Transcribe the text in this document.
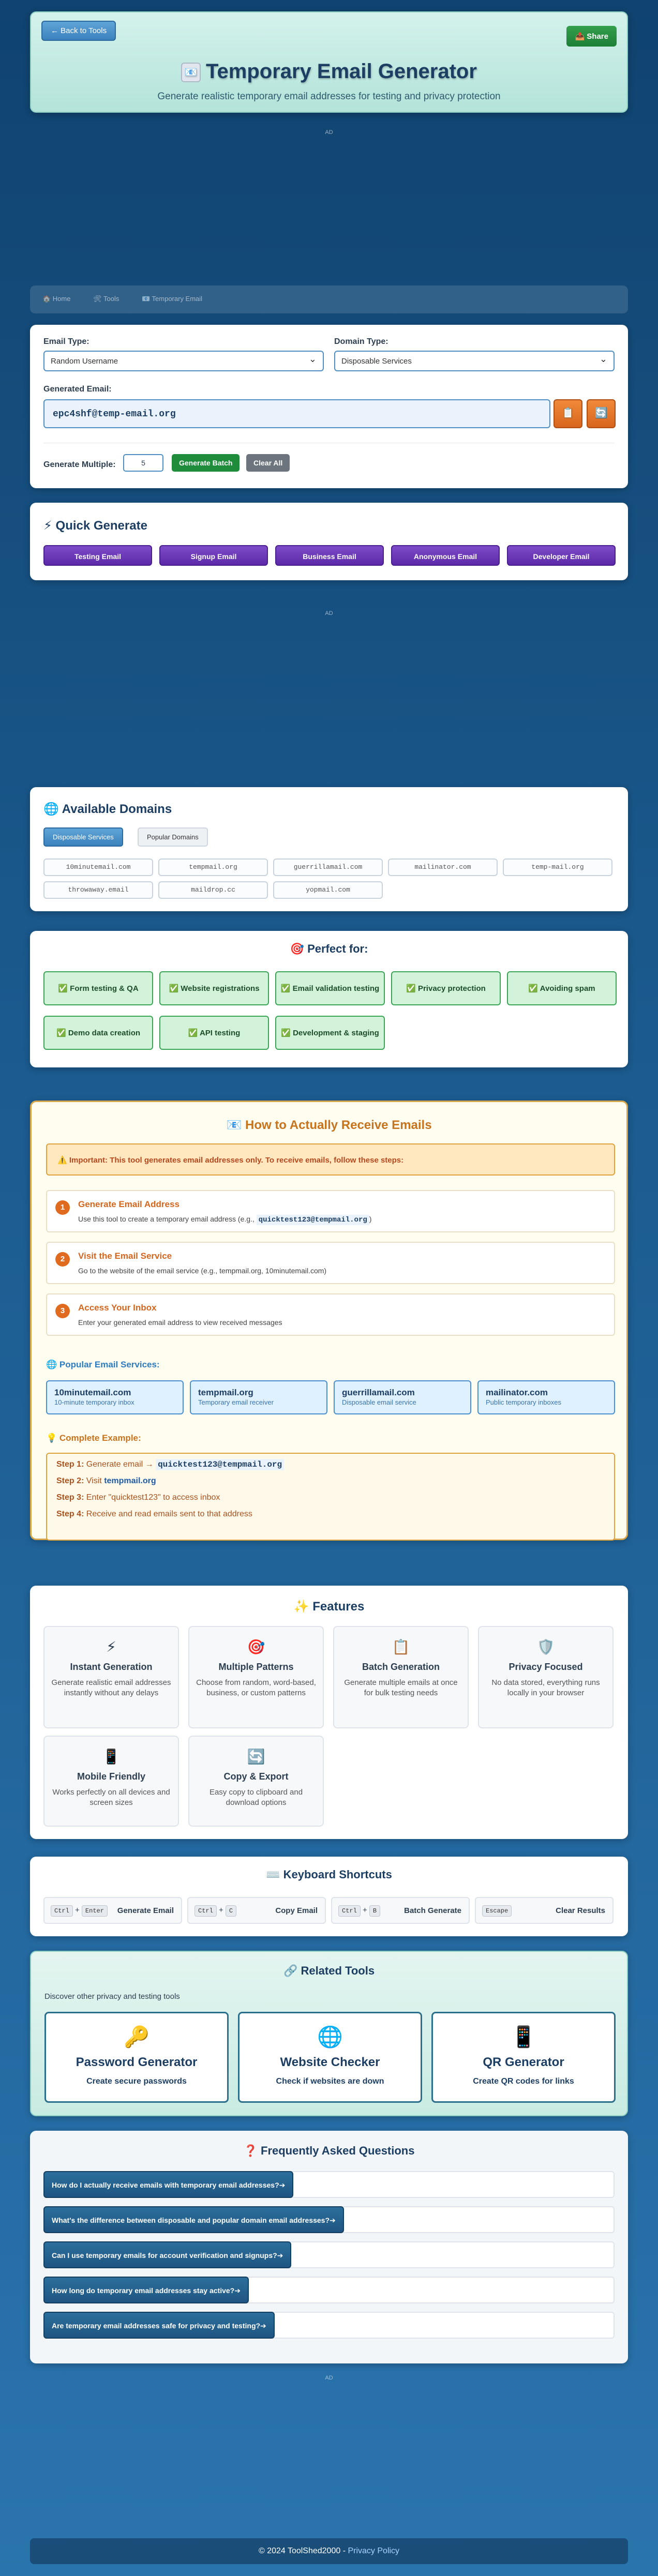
← Back to Tools
📤 Share
📧 Temporary Email Generator
Generate realistic temporary email addresses for testing and privacy protection
AD
🏠 Home	🛠 Tools	📧 Temporary Email
Email Type:
Random Username ⌄
Domain Type:
Disposable Services ⌄
Generated Email:
epc4shf@temp-email.org	📋	🔄
Generate Multiple:	5	Generate Batch	Clear All
⚡ Quick Generate
Testing Email	Signup Email	Business Email	Anonymous Email	Developer Email
AD
🌐 Available Domains
Disposable Services	Popular Domains
10minutemail.com	tempmail.org	guerrillamail.com	mailinator.com	temp-mail.org
throwaway.email	maildrop.cc	yopmail.com
🎯 Perfect for:
✅ Form testing & QA	✅ Website registrations	✅ Email validation testing	✅ Privacy protection	✅ Avoiding spam
✅ Demo data creation	✅ API testing	✅ Development & staging
📧 How to Actually Receive Emails
⚠️ Important: This tool generates email addresses only. To receive emails, follow these steps:
1	Generate Email Address
Use this tool to create a temporary email address (e.g., quicktest123@tempmail.org )
2	Visit the Email Service
Go to the website of the email service (e.g., tempmail.org, 10minutemail.com)
3	Access Your Inbox
Enter your generated email address to view received messages
🌐 Popular Email Services:
10minutemail.com
10-minute temporary inbox
tempmail.org
Temporary email receiver
guerrillamail.com
Disposable email service
mailinator.com
Public temporary inboxes
💡 Complete Example:
Step 1: Generate email → quicktest123@tempmail.org
Step 2: Visit tempmail.org
Step 3: Enter "quicktest123" to access inbox
Step 4: Receive and read emails sent to that address
✨ Features
⚡
Instant Generation
Generate realistic email addresses instantly without any delays
🎯
Multiple Patterns
Choose from random, word-based, business, or custom patterns
📋
Batch Generation
Generate multiple emails at once for bulk testing needs
🛡️
Privacy Focused
No data stored, everything runs locally in your browser
📱
Mobile Friendly
Works perfectly on all devices and screen sizes
🔄
Copy & Export
Easy copy to clipboard and download options
⌨️ Keyboard Shortcuts
Ctrl + Enter Generate Email	Ctrl + C	Copy Email	Ctrl + B	Batch Generate	Escape	Clear Results
🔗 Related Tools
Discover other privacy and testing tools
🔑
Password Generator
Create secure passwords
🌐
Website Checker
Check if websites are down
📱
QR Generator
Create QR codes for links
❓ Frequently Asked Questions
How do I actually receive emails with temporary email addresses?➔
What's the difference between disposable and popular domain email addresses?➔
Can I use temporary emails for account verification and signups?➔
How long do temporary email addresses stay active?➔
Are temporary email addresses safe for privacy and testing?➔
AD
© 2024 ToolShed2000 - Privacy Policy
